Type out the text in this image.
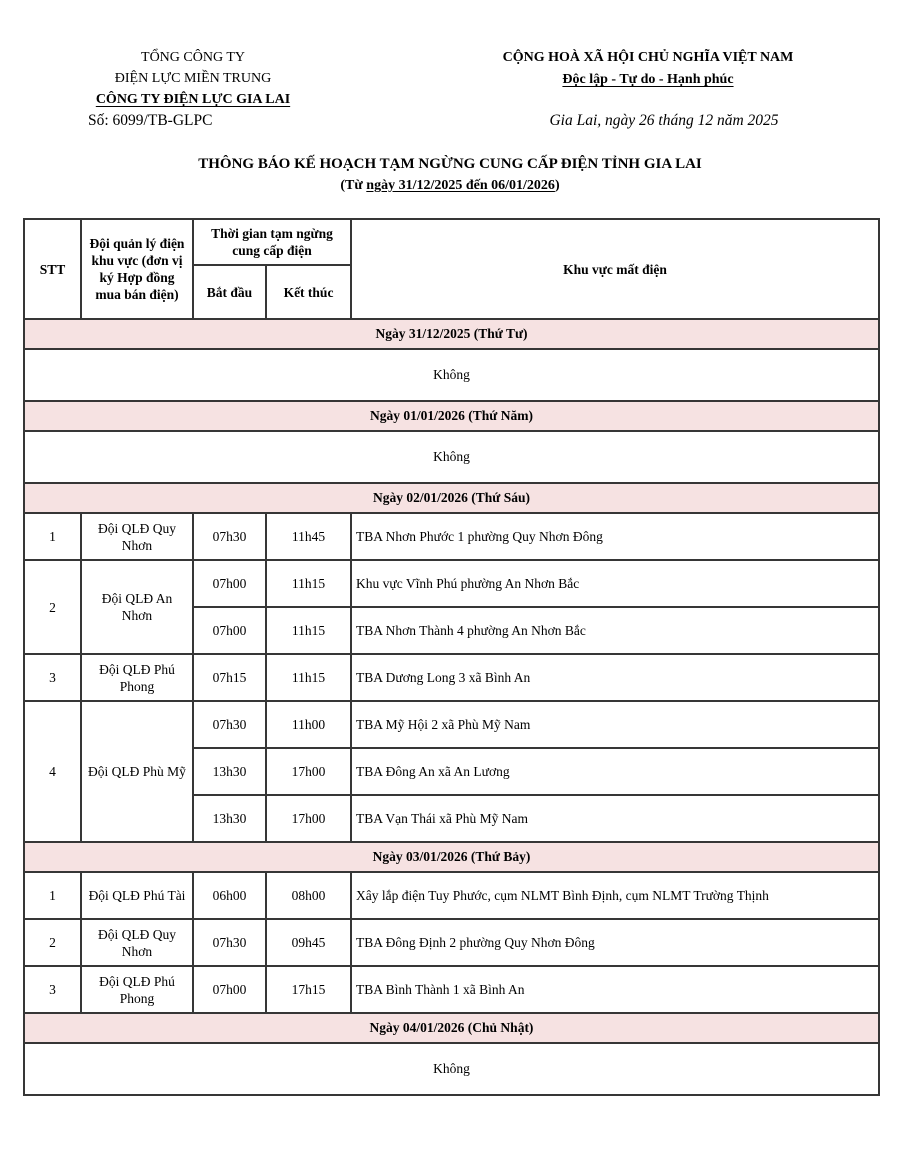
TỔNG CÔNG TY
ĐIỆN LỰC MIỀN TRUNG
CÔNG TY ĐIỆN LỰC GIA LAI
Số: 6099/TB-GLPC
CỘNG HOÀ XÃ HỘI CHỦ NGHĨA VIỆT NAM
Độc lập - Tự do - Hạnh phúc
Gia Lai, ngày 26 tháng 12 năm 2025
THÔNG BÁO KẾ HOẠCH TẠM NGỪNG CUNG CẤP ĐIỆN TỈNH GIA LAI
(Từ ngày 31/12/2025 đến 06/01/2026)
STT	Đội quản lý điện khu vực (đơn vị ký Hợp đồng mua bán điện)	Thời gian tạm ngừng cung cấp điện		Khu vực mất điện
		Bắt đầu	Kết thúc	
Ngày 31/12/2025 (Thứ Tư)				
Không				
Ngày 01/01/2026 (Thứ Năm)				
Không				
Ngày 02/01/2026 (Thứ Sáu)				
1	Đội QLĐ Quy Nhơn	07h30	11h45	TBA Nhơn Phước 1 phường Quy Nhơn Đông
2	Đội QLĐ An Nhơn	07h00	11h15	Khu vực Vĩnh Phú phường An Nhơn Bắc
		07h00	11h15	TBA Nhơn Thành 4 phường An Nhơn Bắc
3	Đội QLĐ Phú Phong	07h15	11h15	TBA Dương Long 3 xã Bình An
4	Đội QLĐ Phù Mỹ	07h30	11h00	TBA Mỹ Hội 2 xã Phù Mỹ Nam
		13h30	17h00	TBA Đông An xã An Lương
		13h30	17h00	TBA Vạn Thái xã Phù Mỹ Nam
Ngày 03/01/2026 (Thứ Bảy)				
1	Đội QLĐ Phú Tài	06h00	08h00	Xây lắp điện Tuy Phước, cụm NLMT Bình Định, cụm NLMT Trường Thịnh
2	Đội QLĐ Quy Nhơn	07h30	09h45	TBA Đông Định 2 phường Quy Nhơn Đông
3	Đội QLĐ Phú Phong	07h00	17h15	TBA Bình Thành 1 xã Bình An
Ngày 04/01/2026 (Chủ Nhật)				
Không				
